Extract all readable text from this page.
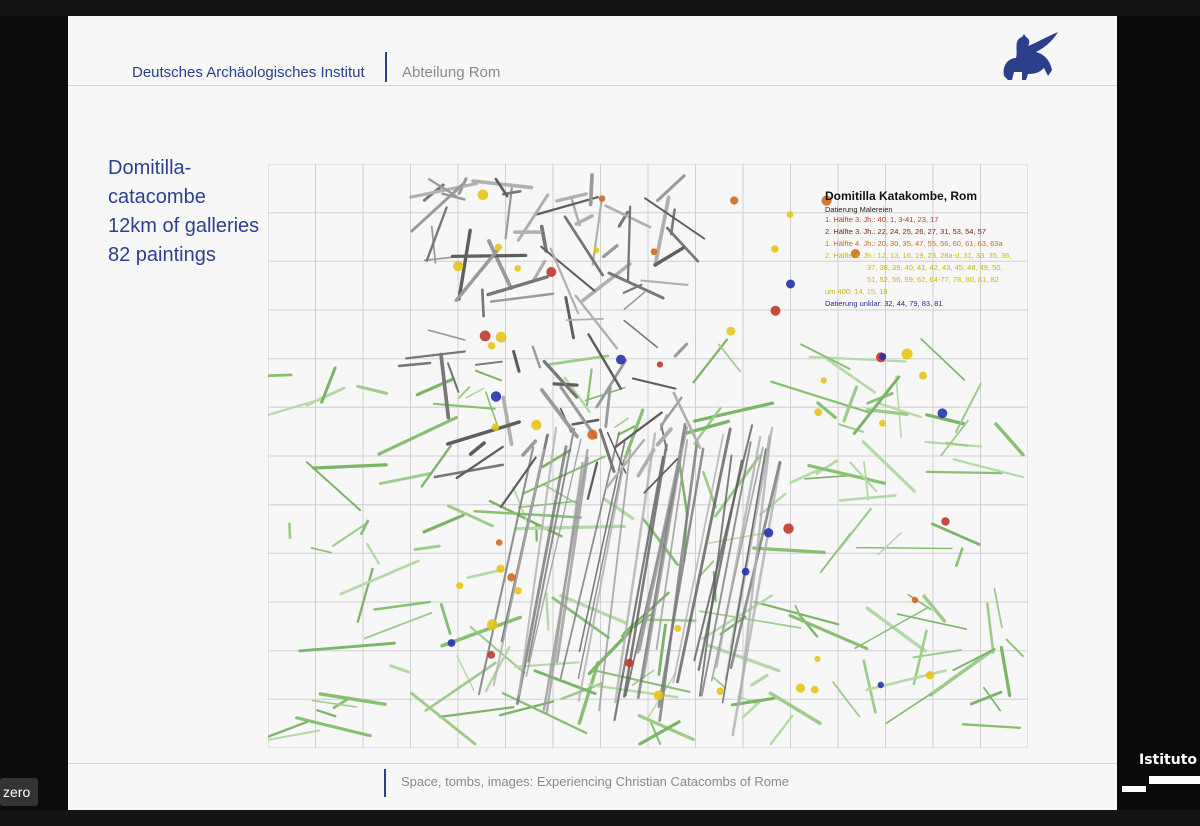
Deutsches Archäologisches Institut Abteilung Rom
Domitilla-
catacombe
12km of galleries
82 paintings
Domitilla Katakombe, Rom
Datierung Malereien
1. Hälfte 3. Jh.: 40, 1, 3-41, 23, 17
2. Hälfte 3. Jh.: 22, 24, 25, 26, 27, 31, 53, 54, 57
1. Hälfte 4. Jh.: 20, 30, 35, 47, 55, 56, 60, 61, 63, 63a
2. Hälfte 4. Jh.: 12, 13, 16, 19, 23, 28a-d, 31, 33, 35, 36,
37, 38, 39, 40, 41, 42, 43, 45, 48, 49, 50,
51, 52, 56, 59, 62, 64-77, 78, 80, 81, 82
um 400: 14, 15, 18
Datierung unklar: 32, 44, 79, 83, 81
Space, tombs, images: Experiencing Christian Catacombs of Rome
Istituto
zero
